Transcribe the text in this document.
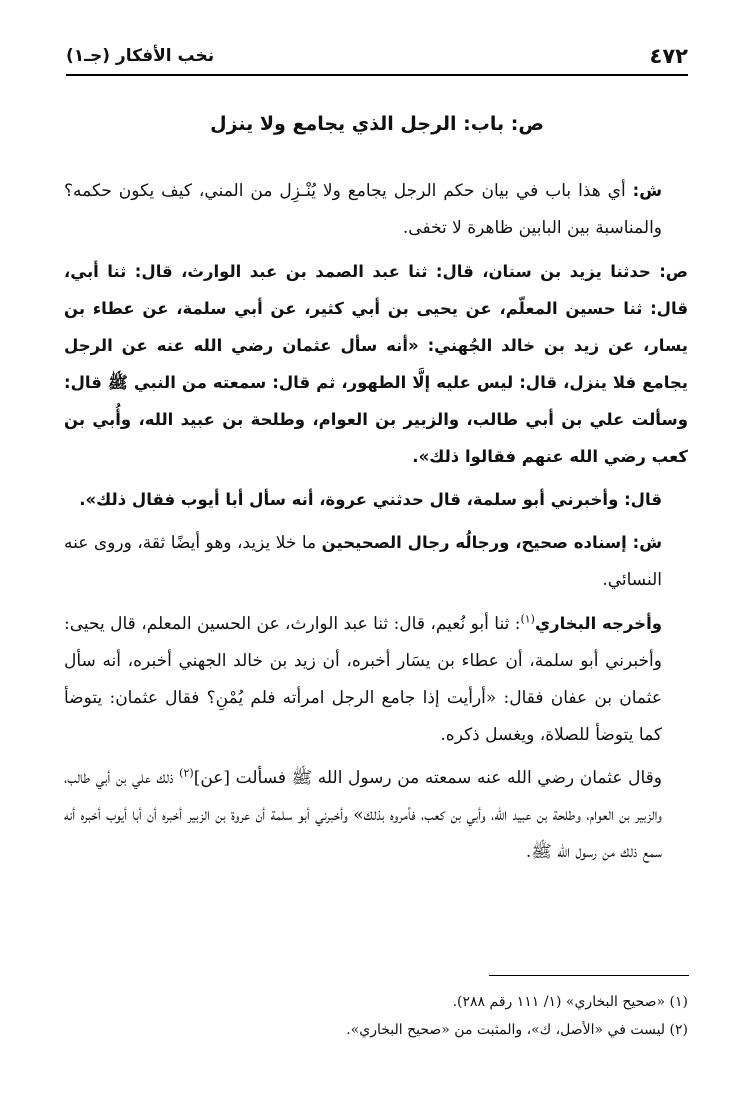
٤٧٢
نخب الأفكار (جـ١)
ص: باب: الرجل الذي يجامع ولا ينزل

ش: أي هذا باب في بيان حكم الرجل يجامع ولا يُنْـزِل من المني، كيف يكون حكمه؟ والمناسبة بين البابين ظاهرة لا تخفى.

ص: حدثنا يزيد بن سنان، قال: ثنا عبد الصمد بن عبد الوارث، قال: ثنا أبي، قال: ثنا حسين المعلّم، عن يحيى بن أبي كثير، عن أبي سلمة، عن عطاء بن يسار، عن زيد بن خالد الجُهني: «أنه سأل عثمان رضي الله عنه عن الرجل يجامع فلا ينزل، قال: ليس عليه إلَّا الطهور، ثم قال: سمعته من النبي ﷺ قال: وسألت علي بن أبي طالب، والزبير بن العوام، وطلحة بن عبيد الله، وأُبي بن كعب رضي الله عنهم فقالوا ذلك».

قال: وأخبرني أبو سلمة، قال حدثني عروة، أنه سأل أبا أيوب فقال ذلك».

ش: إسناده صحيح، ورجالُه رجال الصحيحين ما خلا يزيد، وهو أيضًا ثقة، وروى عنه النسائي.

وأخرجه البخاري$^{(١)}$: ثنا أبو نُعيم، قال: ثنا عبد الوارث، عن الحسين المعلم، قال يحيى: وأخبرني أبو سلمة، أن عطاء بن يسَار أخبره، أن زيد بن خالد الجهني أخبره، أنه سأل عثمان بن عفان فقال: «أرأيت إذا جامع الرجل امرأته فلم يُمْنِ؟ فقال عثمان: يتوضأ كما يتوضأ للصلاة، ويغسل ذكره.

وقال عثمان رضي الله عنه سمعته من رسول الله ﷺ فسألت [عن]$^{(٢)}$ ذلك علي بن أبي طالب، والزبير بن العوام، وطلحة بن عبيد الله، وأبي بن كعب، فأمروه بذلك» وأخبرني أبو سلمة أن عروة بن الزبير أخبره أن أبا أيوب أخبره أنه سمع ذلك من رسول الله ﷺ.

(١) «صحيح البخاري» (١/ ١١١ رقم ٢٨٨).

(٢) ليست في «الأصل، ك»، والمثبت من «صحيح البخاري».
